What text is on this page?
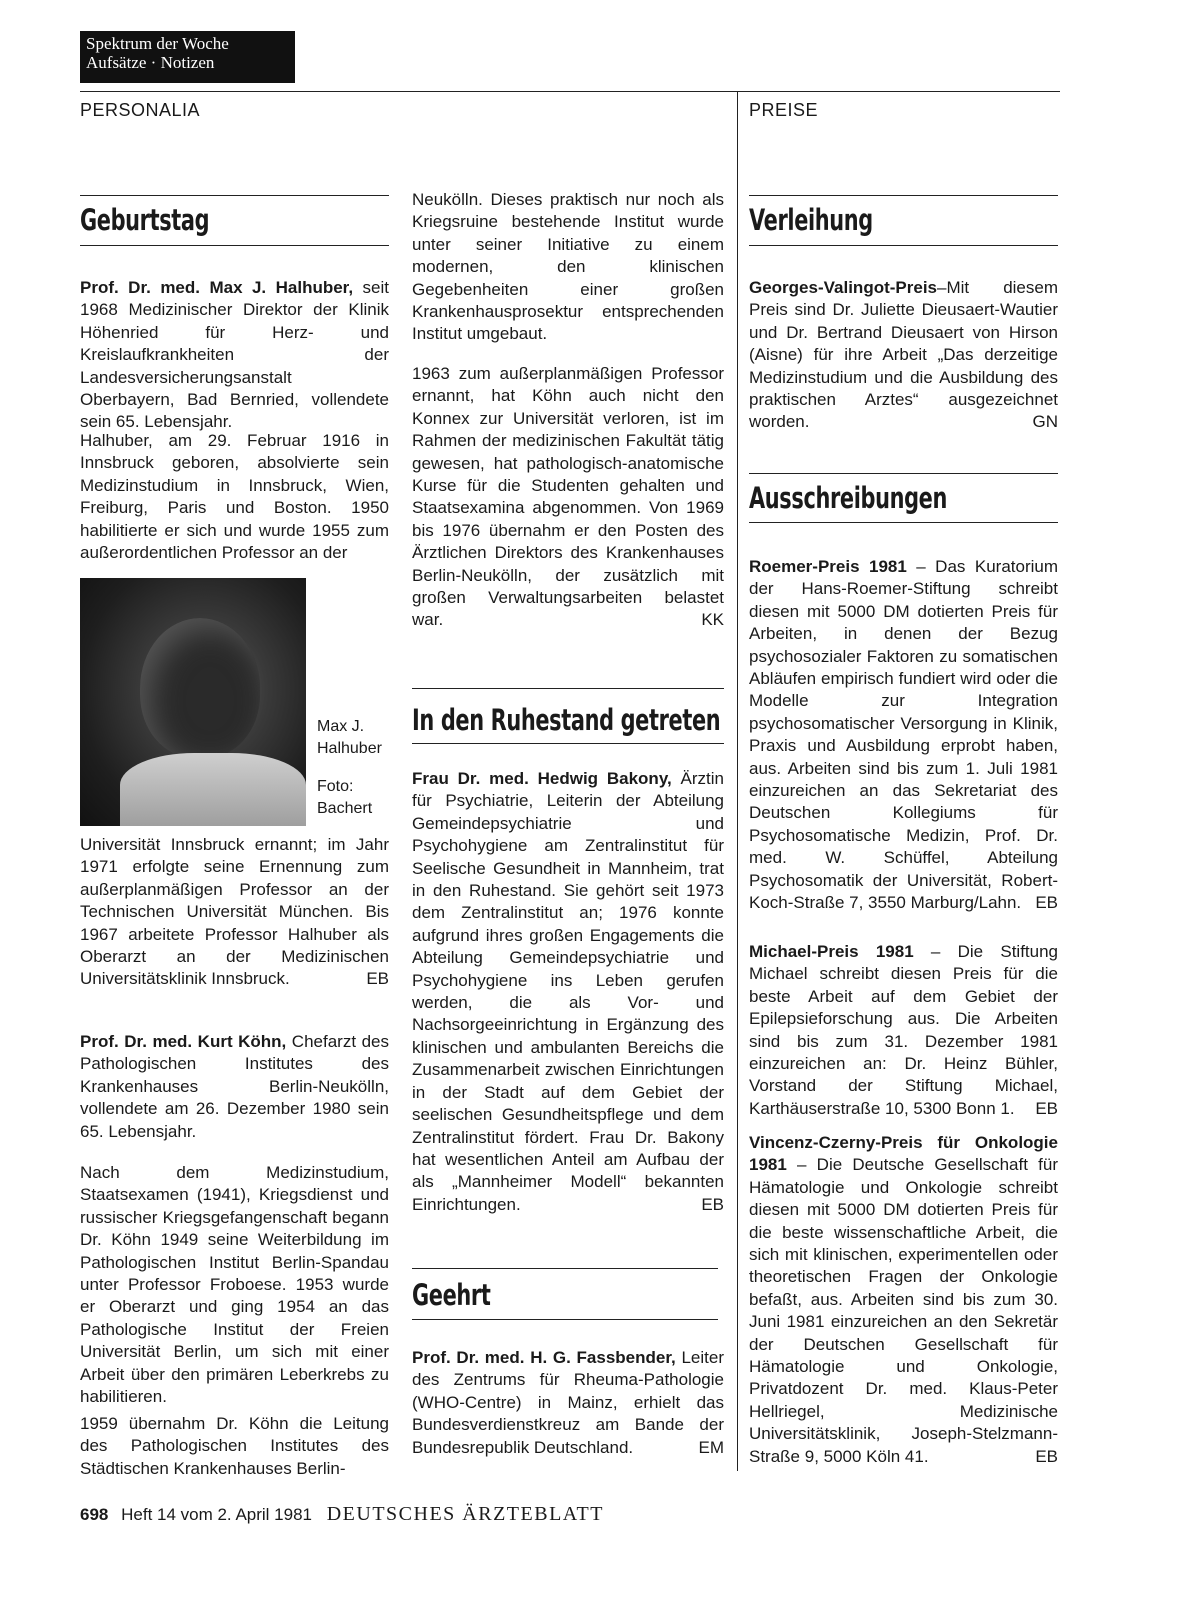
Spektrum der Woche
Aufsätze · Notizen
PERSONALIA	PREISE
Geburtstag

Prof. Dr. med. Max J. Halhuber, seit 1968 Medizinischer Direktor der Klinik Höhenried für Herz- und Kreislaufkrankheiten der Landesversicherungsanstalt Oberbayern, Bad Bernried, vollendete sein 65. Lebensjahr.

Halhuber, am 29. Februar 1916 in Innsbruck geboren, absolvierte sein Medizinstudium in Innsbruck, Wien, Freiburg, Paris und Boston. 1950 habilitierte er sich und wurde 1955 zum außerordentlichen Professor an der

Max J. Halhuber
Foto: Bachert

Universität Innsbruck ernannt; im Jahr 1971 erfolgte seine Ernennung zum außerplanmäßigen Professor an der Technischen Universität München. Bis 1967 arbeitete Professor Halhuber als Oberarzt an der Medizinischen Universitätsklinik Innsbruck.	EB

Prof. Dr. med. Kurt Köhn, Chefarzt des Pathologischen Institutes des Krankenhauses Berlin-Neukölln, vollendete am 26. Dezember 1980 sein 65. Lebensjahr.

Nach dem Medizinstudium, Staatsexamen (1941), Kriegsdienst und russischer Kriegsgefangenschaft begann Dr. Köhn 1949 seine Weiterbildung im Pathologischen Institut Berlin-Spandau unter Professor Froboese. 1953 wurde er Oberarzt und ging 1954 an das Pathologische Institut der Freien Universität Berlin, um sich mit einer Arbeit über den primären Leberkrebs zu habilitieren.

1959 übernahm Dr. Köhn die Leitung des Pathologischen Institutes des Städtischen Krankenhauses Berlin-

Neukölln. Dieses praktisch nur noch als Kriegsruine bestehende Institut wurde unter seiner Initiative zu einem modernen, den klinischen Gegebenheiten einer großen Krankenhausprosektur entsprechenden Institut umgebaut.

1963 zum außerplanmäßigen Professor ernannt, hat Köhn auch nicht den Konnex zur Universität verloren, ist im Rahmen der medizinischen Fakultät tätig gewesen, hat pathologisch-anatomische Kurse für die Studenten gehalten und Staatsexamina abgenommen. Von 1969 bis 1976 übernahm er den Posten des Ärztlichen Direktors des Krankenhauses Berlin-Neukölln, der zusätzlich mit großen Verwaltungsarbeiten belastet war.	KK

In den Ruhestand getreten

Frau Dr. med. Hedwig Bakony, Ärztin für Psychiatrie, Leiterin der Abteilung Gemeindepsychiatrie und Psychohygiene am Zentralinstitut für Seelische Gesundheit in Mannheim, trat in den Ruhestand. Sie gehört seit 1973 dem Zentralinstitut an; 1976 konnte aufgrund ihres großen Engagements die Abteilung Gemeindepsychiatrie und Psychohygiene ins Leben gerufen werden, die als Vor- und Nachsorgeeinrichtung in Ergänzung des klinischen und ambulanten Bereichs die Zusammenarbeit zwischen Einrichtungen in der Stadt auf dem Gebiet der seelischen Gesundheitspflege und dem Zentralinstitut fördert. Frau Dr. Bakony hat wesentlichen Anteil am Aufbau der als „Mannheimer Modell“ bekannten Einrichtungen.	EB

Geehrt

Prof. Dr. med. H. G. Fassbender, Leiter des Zentrums für Rheuma-Pathologie (WHO-Centre) in Mainz, erhielt das Bundesverdienstkreuz am Bande der Bundesrepublik Deutschland.	EM

Verleihung

Georges-Valingot-Preis–Mit diesem Preis sind Dr. Juliette Dieusaert-Wautier und Dr. Bertrand Dieusaert von Hirson (Aisne) für ihre Arbeit „Das derzeitige Medizinstudium und die Ausbildung des praktischen Arztes“ ausgezeichnet worden.	GN

Ausschreibungen

Roemer-Preis 1981 – Das Kuratorium der Hans-Roemer-Stiftung schreibt diesen mit 5000 DM dotierten Preis für Arbeiten, in denen der Bezug psychosozialer Faktoren zu somatischen Abläufen empirisch fundiert wird oder die Modelle zur Integration psychosomatischer Versorgung in Klinik, Praxis und Ausbildung erprobt haben, aus. Arbeiten sind bis zum 1. Juli 1981 einzureichen an das Sekretariat des Deutschen Kollegiums für Psychosomatische Medizin, Prof. Dr. med. W. Schüffel, Abteilung Psychosomatik der Universität, Robert-Koch-Straße 7, 3550 Marburg/Lahn. EB

Michael-Preis 1981 – Die Stiftung Michael schreibt diesen Preis für die beste Arbeit auf dem Gebiet der Epilepsieforschung aus. Die Arbeiten sind bis zum 31. Dezember 1981 einzureichen an: Dr. Heinz Bühler, Vorstand der Stiftung Michael, Karthäuserstraße 10, 5300 Bonn 1. EB

Vincenz-Czerny-Preis für Onkologie 1981 – Die Deutsche Gesellschaft für Hämatologie und Onkologie schreibt diesen mit 5000 DM dotierten Preis für die beste wissenschaftliche Arbeit, die sich mit klinischen, experimentellen oder theoretischen Fragen der Onkologie befaßt, aus. Arbeiten sind bis zum 30. Juni 1981 einzureichen an den Sekretär der Deutschen Gesellschaft für Hämatologie und Onkologie, Privatdozent Dr. med. Klaus-Peter Hellriegel, Medizinische Universitätsklinik, Joseph-Stelzmann-Straße 9, 5000 Köln 41.	EB

698 Heft 14 vom 2. April 1981 DEUTSCHES ÄRZTEBLATT
